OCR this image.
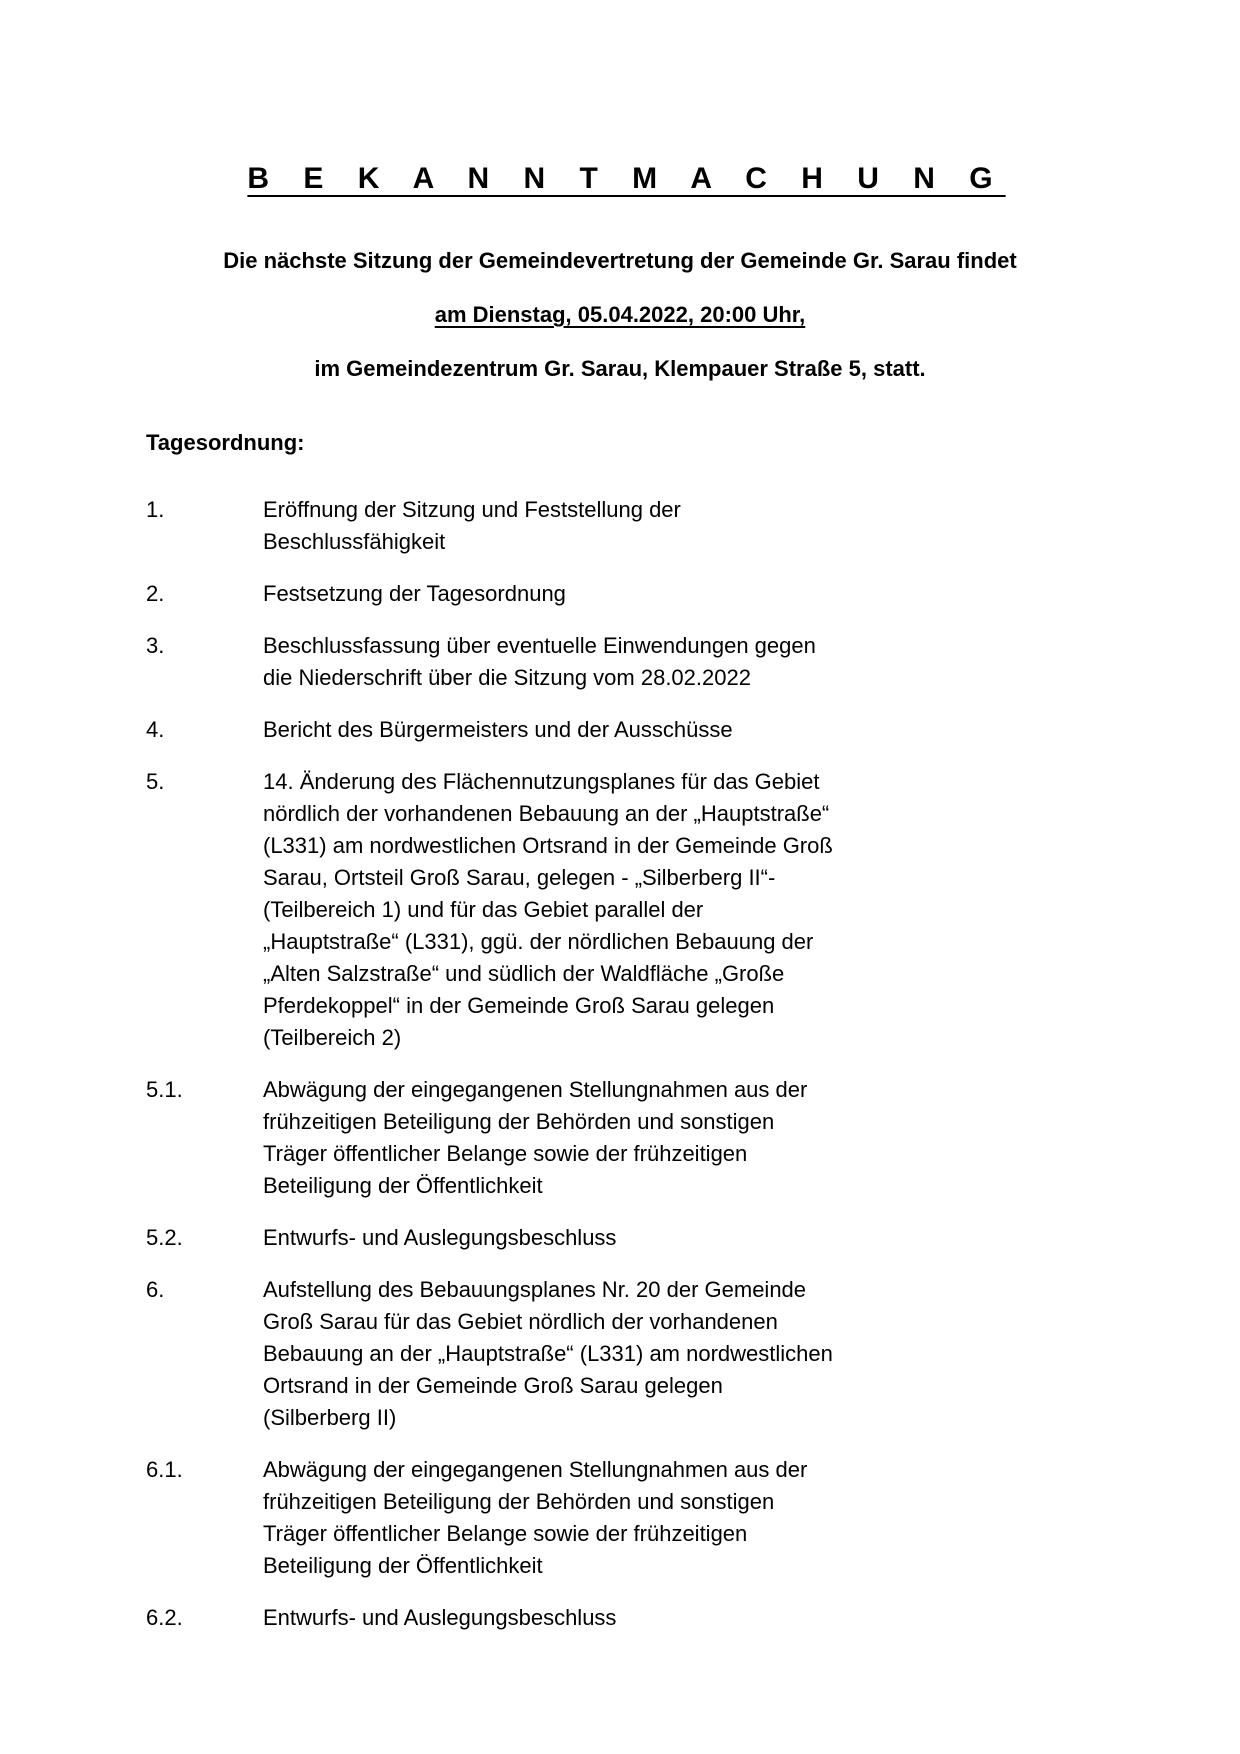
B E K A N N T M A C H U N G

Die nächste Sitzung der Gemeindevertretung der Gemeinde Gr. Sarau findet

am Dienstag, 05.04.2022, 20:00 Uhr,

im Gemeindezentrum Gr. Sarau, Klempauer Straße 5, statt.

Tagesordnung:
1.	Eröffnung der Sitzung und Feststellung der
Beschlussfähigkeit
2.	Festsetzung der Tagesordnung
3.	Beschlussfassung über eventuelle Einwendungen gegen
die Niederschrift über die Sitzung vom 28.02.2022
4.	Bericht des Bürgermeisters und der Ausschüsse
5.	14. Änderung des Flächennutzungsplanes für das Gebiet
nördlich der vorhandenen Bebauung an der „Hauptstraße“
(L331) am nordwestlichen Ortsrand in der Gemeinde Groß
Sarau, Ortsteil Groß Sarau, gelegen - „Silberberg II“-
(Teilbereich 1) und für das Gebiet parallel der
„Hauptstraße“ (L331), ggü. der nördlichen Bebauung der
„Alten Salzstraße“ und südlich der Waldfläche „Große
Pferdekoppel“ in der Gemeinde Groß Sarau gelegen
(Teilbereich 2)
5.1.	Abwägung der eingegangenen Stellungnahmen aus der
frühzeitigen Beteiligung der Behörden und sonstigen
Träger öffentlicher Belange sowie der frühzeitigen
Beteiligung der Öffentlichkeit
5.2.	Entwurfs- und Auslegungsbeschluss
6.	Aufstellung des Bebauungsplanes Nr. 20 der Gemeinde
Groß Sarau für das Gebiet nördlich der vorhandenen
Bebauung an der „Hauptstraße“ (L331) am nordwestlichen
Ortsrand in der Gemeinde Groß Sarau gelegen
(Silberberg II)
6.1.	Abwägung der eingegangenen Stellungnahmen aus der
frühzeitigen Beteiligung der Behörden und sonstigen
Träger öffentlicher Belange sowie der frühzeitigen
Beteiligung der Öffentlichkeit
6.2.	Entwurfs- und Auslegungsbeschluss
